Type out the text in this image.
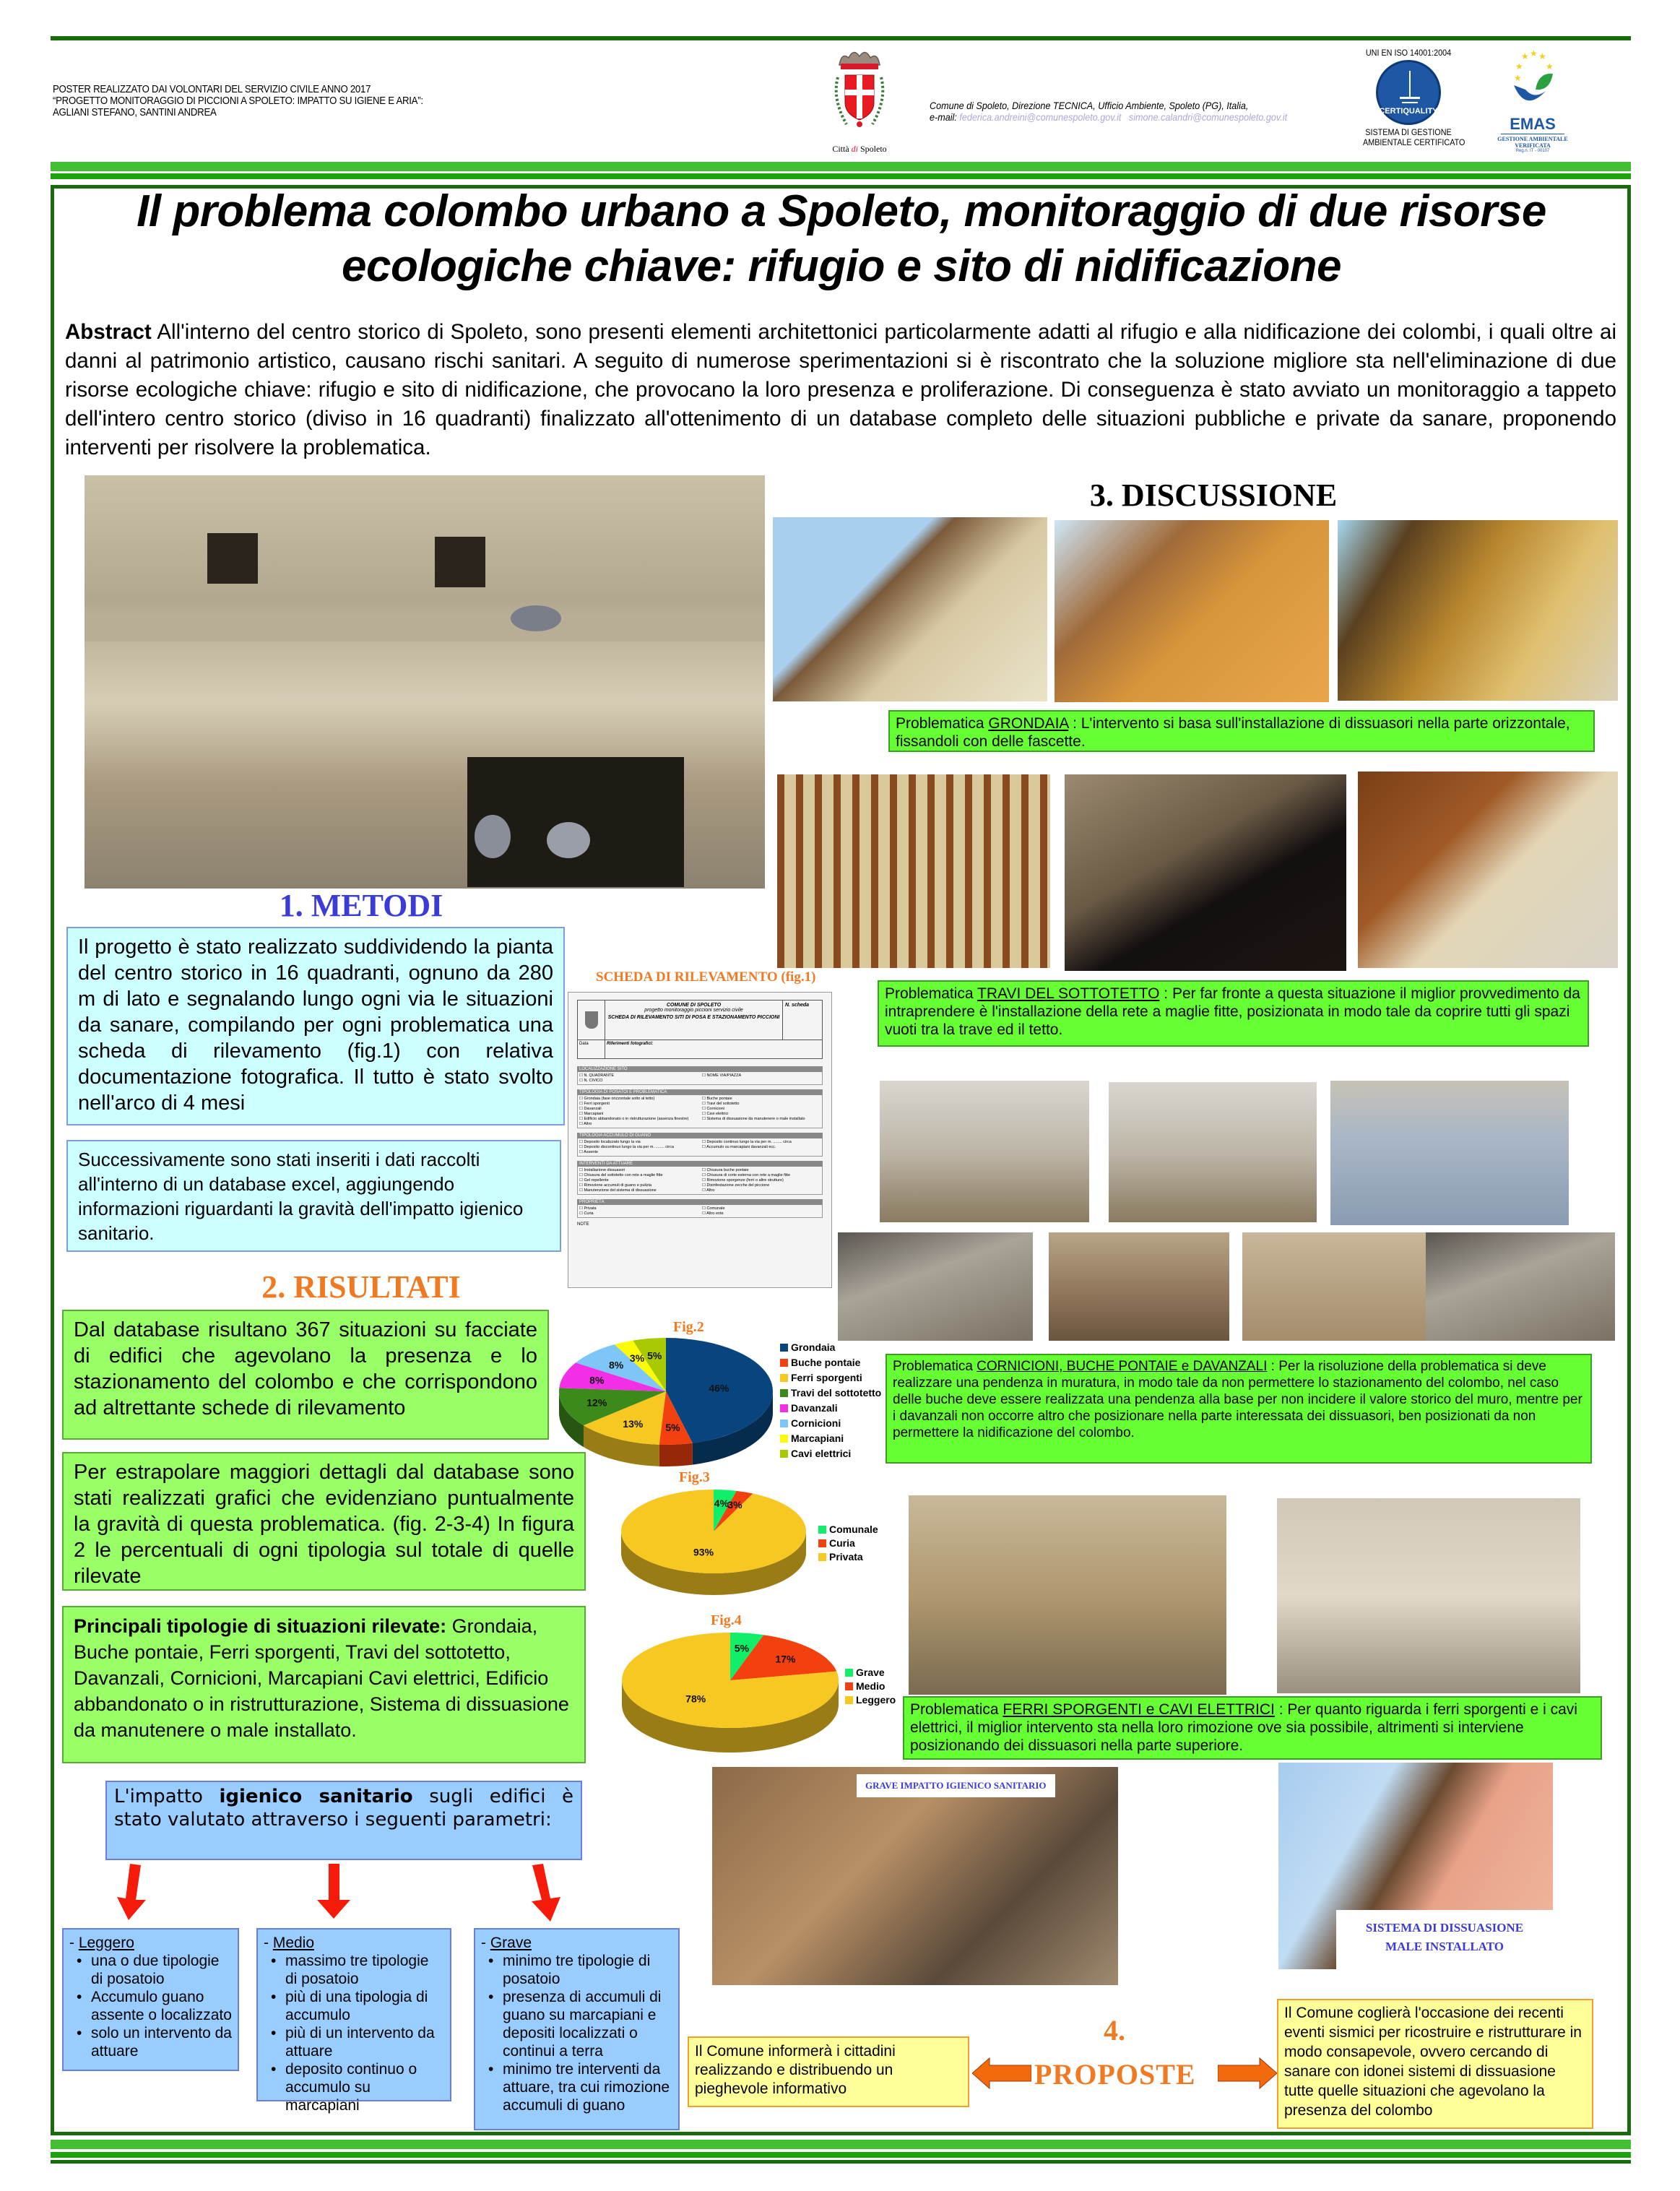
POSTER REALIZZATO DAI VOLONTARI DEL SERVIZIO CIVILE ANNO 2017
“PROGETTO MONITORAGGIO DI PICCIONI A SPOLETO: IMPATTO SU IGIENE E ARIA”:
AGLIANI STEFANO, SANTINI ANDREA
Città di Spoleto
Comune di Spoleto, Direzione TECNICA, Ufficio Ambiente, Spoleto (PG), Italia,
e-mail: federica.andreini@comunespoleto.gov.it simone.calandri@comunespoleto.gov.it
UNI EN ISO 14001:2004
CERTIQUALITY
SISTEMA DI GESTIONE
AMBIENTALE CERTIFICATO
★
★ ★
★	★
★
EMAS
GESTIONE AMBIENTALE
VERIFICATA
Reg.n. IT - 00107
Il problema colombo urbano a Spoleto, monitoraggio di due risorse
ecologiche chiave: rifugio e sito di nidificazione
Abstract All'interno del centro storico di Spoleto, sono presenti elementi architettonici particolarmente adatti al rifugio e alla nidificazione dei colombi, i quali oltre ai danni al patrimonio artistico, causano rischi sanitari. A seguito di numerose sperimentazioni si è riscontrato che la soluzione migliore sta nell'eliminazione di due risorse ecologiche chiave: rifugio e sito di nidificazione, che provocano la loro presenza e proliferazione. Di conseguenza è stato avviato un monitoraggio a tappeto dell'intero centro storico (diviso in 16 quadranti) finalizzato all'ottenimento di un database completo delle situazioni pubbliche e private da sanare, proponendo interventi per risolvere la problematica.
1. METODI
Il progetto è stato realizzato suddividendo la pianta del centro storico in 16 quadranti, ognuno da 280 m di lato e segnalando lungo ogni via le situazioni da sanare, compilando per ogni problematica una scheda di rilevamento (fig.1) con relativa documentazione fotografica. Il tutto è stato svolto nell'arco di 4 mesi
Successivamente sono stati inseriti i dati raccolti all'interno di un database excel, aggiungendo informazioni riguardanti la gravità dell'impatto igienico sanitario.
SCHEDA DI RILEVAMENTO (fig.1)
COMUNE DI SPOLETO
progetto monitoraggio piccioni servizio civile
SCHEDA DI RILEVAMENTO SITI DI POSA E STAZIONAMENTO PICCIONI
N. scheda
Data	Riferimenti fotografici:
LOCALIZZAZIONE SITO
☐ N. QUADRANTE	☐ NOME VIA/PIAZZA
☐ N. CIVICO
TIPOLOGIA DI POSATOI E PROBLEMATICA
☐ Grondaia (fase orizzontale sotto al tetto)	☐ Buche pontaie
☐ Ferri sporgenti	☐ Travi del sottotetto
☐ Davanzali	☐ Cornicioni
☐ Marcapiani	☐ Cavi elettrici
☐ Edificio abbandonato o in ristrutturazione (assenza finestre)	☐ Sistema di dissuasione da manutenere o male installato
☐ Altro
TIPOLOGIA ACCUMULO DI GUANO
☐ Deposito localizzato lungo la via	☐ Deposito continuo lungo la via per m. ........ circa
☐ Deposito discontinuo lungo la via per m. ........ circa	☐ Accumulo su marcapiani davanzali ecc.
☐ Assente
INTERVENTI DA ATTUARE
☐ Installazione dissuasori	☐ Chiusura buche pontaie
☐ Chiusura del sottotetto con rete a maglie fitte	☐ Chiusura di corte esterna con rete a maglie fitte
☐ Gel repellente	☐ Rimozione sporgenze (ferri o altre strutture)
☐ Rimozione accumuli di guano e pulizia	☐ Disinfestazione zecche del piccione
☐ Manutenzione del sistema di dissuasione	☐ Altro
PROPRIETÀ
☐ Privata	☐ Comunale
☐ Curia	☐ Altro ente
NOTE
2. RISULTATI
Dal database risultano 367 situazioni su facciate di edifici che agevolano la presenza e lo stazionamento del colombo e che corrispondono ad altrettante schede di rilevamento
Per estrapolare maggiori dettagli dal database sono stati realizzati grafici che evidenziano puntualmente la gravità di questa problematica. (fig. 2-3-4) In figura 2 le percentuali di ogni tipologia sul totale di quelle rilevate
Principali tipologie di situazioni rilevate: Grondaia, Buche pontaie, Ferri sporgenti, Travi del sottotetto, Davanzali, Cornicioni, Marcapiani Cavi elettrici, Edificio abbandonato o in ristrutturazione, Sistema di dissuasione da manutenere o male installato.
L'impatto igienico sanitario sugli edifici è stato valutato attraverso i seguenti parametri:
- Leggero
• una o due tipologie di posatoio
• Accumulo guano assente o localizzato
• solo un intervento da attuare
- Medio
• massimo tre tipologie di posatoio
• più di una tipologia di accumulo
• più di un intervento da attuare
• deposito continuo o accumulo su marcapiani
- Grave
• minimo tre tipologie di posatoio
• presenza di accumuli di guano su marcapiani e depositi localizzati o continui a terra
• minimo tre interventi da attuare, tra cui rimozione accumuli di guano
Fig.2
46%
5%
13%
12%
8%
8%
3% 5%
Grondaia
Buche pontaie
Ferri sporgenti
Travi del sottotetto
Davanzali
Cornicioni
Marcapiani
Cavi elettrici
Fig.3
4%
3%
93%
Comunale
Curia
Privata
Fig.4
5%
17%
78%
Grave
Medio
Leggero
3. DISCUSSIONE
Problematica GRONDAIA : L'intervento si basa sull'installazione di dissuasori nella parte orizzontale, fissandoli con delle fascette.
Problematica TRAVI DEL SOTTOTETTO : Per far fronte a questa situazione il miglior provvedimento da intraprendere è l'installazione della rete a maglie fitte, posizionata in modo tale da coprire tutti gli spazi vuoti tra la trave ed il tetto.
Problematica CORNICIONI, BUCHE PONTAIE e DAVANZALI : Per la risoluzione della problematica si deve realizzare una pendenza in muratura, in modo tale da non permettere lo stazionamento del colombo, nel caso delle buche deve essere realizzata una pendenza alla base per non incidere il valore storico del muro, mentre per i davanzali non occorre altro che posizionare nella parte interessata dei dissuasori, ben posizionati da non permettere la nidificazione del colombo.
Problematica FERRI SPORGENTI e CAVI ELETTRICI : Per quanto riguarda i ferri sporgenti e i cavi elettrici, il miglior intervento sta nella loro rimozione ove sia possibile, altrimenti si interviene posizionando dei dissuasori nella parte superiore.
GRAVE IMPATTO IGIENICO SANITARIO
SISTEMA DI DISSUASIONE
MALE INSTALLATO
Il Comune informerà i cittadini realizzando e distribuendo un pieghevole informativo
4.
PROPOSTE
Il Comune coglierà l'occasione dei recenti eventi sismici per ricostruire e ristrutturare in modo consapevole, ovvero cercando di sanare con idonei sistemi di dissuasione tutte quelle situazioni che agevolano la presenza del colombo
